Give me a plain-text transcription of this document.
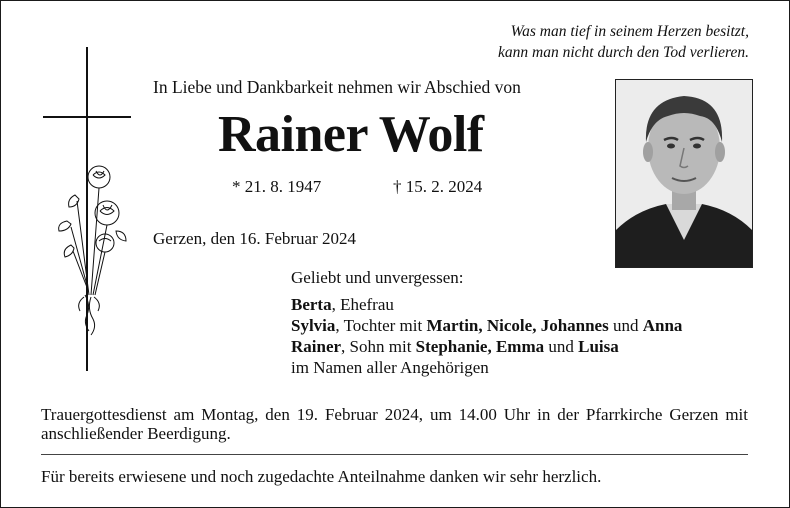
Was man tief in seinem Herzen besitzt,
kann man nicht durch den Tod verlieren.
In Liebe und Dankbarkeit nehmen wir Abschied von
Rainer Wolf
* 21. 8. 1947	† 15. 2. 2024
Gerzen, den 16. Februar 2024
Geliebt und unvergessen:
Berta, Ehefrau
Sylvia, Tochter mit Martin, Nicole, Johannes und Anna
Rainer, Sohn mit Stephanie, Emma und Luisa
im Namen aller Angehörigen
Trauergottesdienst am Montag, den 19. Februar 2024, um 14.00 Uhr in der Pfarrkirche Gerzen mit anschließender Beerdigung.
Für bereits erwiesene und noch zugedachte Anteilnahme danken wir sehr herzlich.
